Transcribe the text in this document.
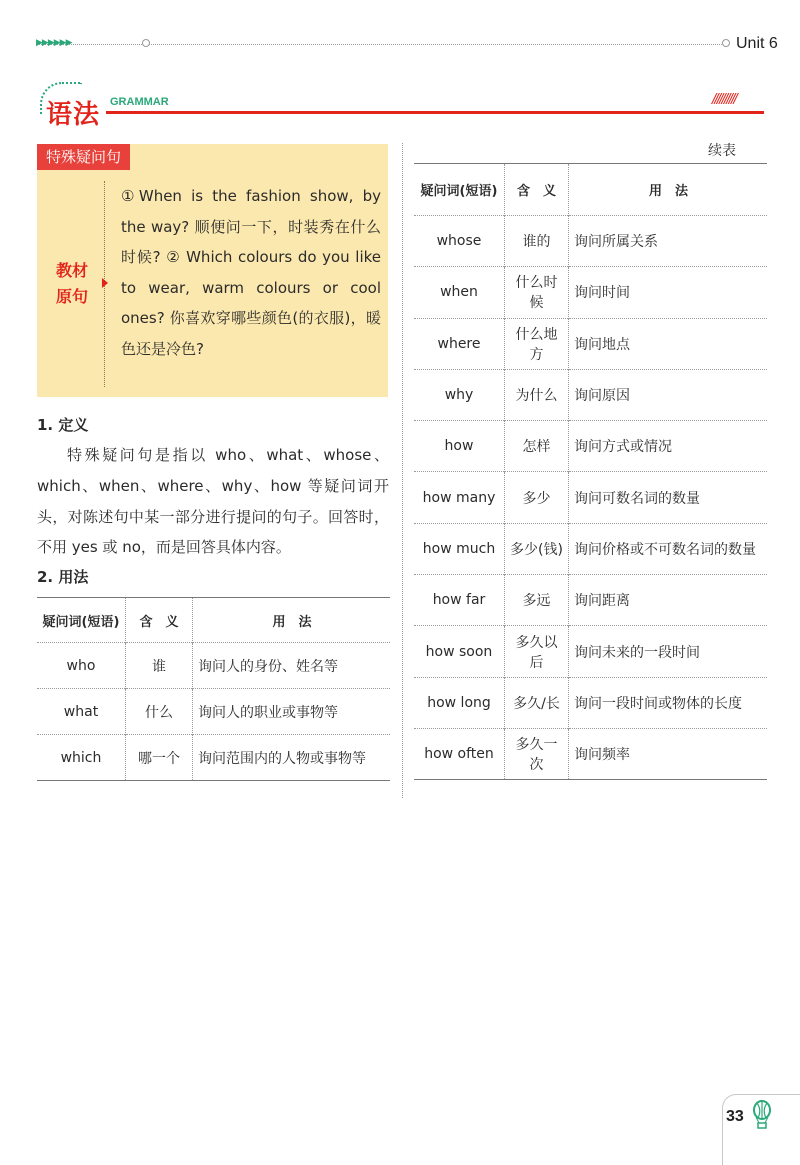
▶▶▶▶▶▶	Unit 6
语法 GRAMMAR	//////////
特殊疑问句
教材
原句
①When is the fashion show, by the way? 顺便问一下，时装秀在什么时候? ② Which colours do you like to wear, warm colours or cool ones? 你喜欢穿哪些颜色(的衣服)，暖色还是冷色?
1. 定义
特殊疑问句是指以 who、what、whose、which、when、where、why、how 等疑问词开头，对陈述句中某一部分进行提问的句子。回答时，不用 yes 或 no，而是回答具体内容。
2. 用法
疑问词(短语)	含　义	用　法
who	谁	询问人的身份、姓名等
what	什么	询问人的职业或事物等
which	哪一个	询问范围内的人物或事物等
续表
疑问词(短语)	含　义	用　法
whose	谁的	询问所属关系
when	什么时候	询问时间
where	什么地方	询问地点
why	为什么	询问原因
how	怎样	询问方式或情况
how many	多少	询问可数名词的数量
how much	多少(钱)	询问价格或不可数名词的数量
how far	多远	询问距离
how soon	多久以后	询问未来的一段时间
how long	多久/长	询问一段时间或物体的长度
how often	多久一次	询问频率
33
